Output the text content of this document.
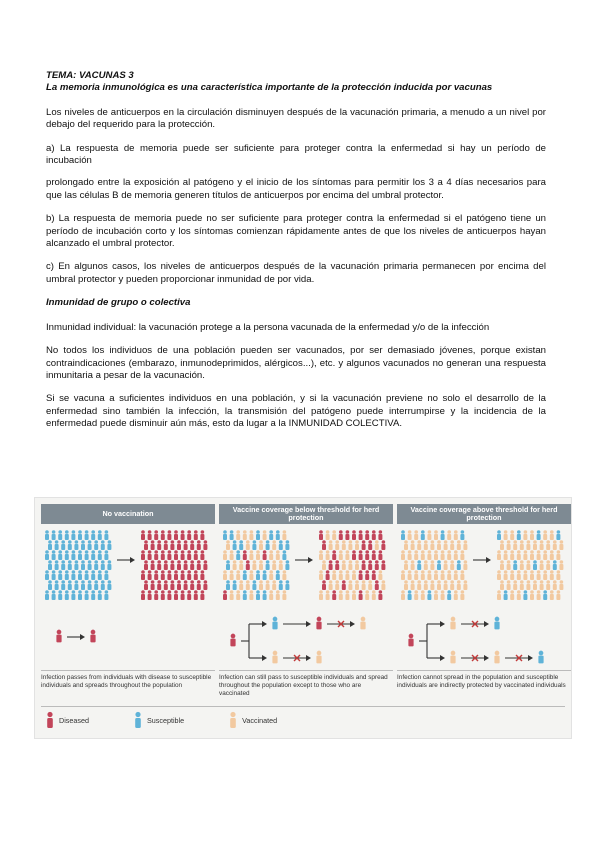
TEMA: VACUNAS 3
La memoria inmunológica es una característica importante de la protección inducida por vacunas

Los niveles de anticuerpos en la circulación disminuyen después de la vacunación primaria, a menudo a un nivel por debajo del requerido para la protección.

a) La respuesta de memoria puede ser suficiente para proteger contra la enfermedad si hay un período de incubación

prolongado entre la exposición al patógeno y el inicio de los síntomas para permitir los 3 a 4 días necesarios para que las células B de memoria generen títulos de anticuerpos por encima del umbral protector.

b) La respuesta de memoria puede no ser suficiente para proteger contra la enfermedad si el patógeno tiene un período de incubación corto y los síntomas comienzan rápidamente antes de que los niveles de anticuerpos hayan alcanzado el umbral protector.

c) En algunos casos, los niveles de anticuerpos después de la vacunación primaria permanecen por encima del umbral protector y pueden proporcionar inmunidad de por vida.

Inmunidad de grupo o colectiva

Inmunidad individual: la vacunación protege a la persona vacunada de la enfermedad y/o de la infección

No todos los individuos de una población pueden ser vacunados, por ser demasiado jóvenes, porque existan contraindicaciones (embarazo, inmunodeprimidos, alérgicos...), etc. y algunos vacunados no generan una respuesta inmunitaria a pesar de la vacunación.

Si se vacuna a suficientes individuos en una población, y si la vacunación previene no solo el desarrollo de la enfermedad sino también la infección, la transmisión del patógeno puede interrumpirse y la incidencia de la enfermedad puede disminuir aún más, esto da lugar a la INMUNIDAD COLECTIVA.

No vaccination
Infection passes from individuals with disease to susceptible individuals and spreads throughout the population
Vaccine coverage below threshold for herd protection
Infection can still pass to susceptible individuals and spread throughout the population except to those who are vaccinated
Vaccine coverage above threshold for herd protection
Infection cannot spread in the population and susceptible individuals are indirectly protected by vaccinated individuals
Diseased	Susceptible	Vaccinated
